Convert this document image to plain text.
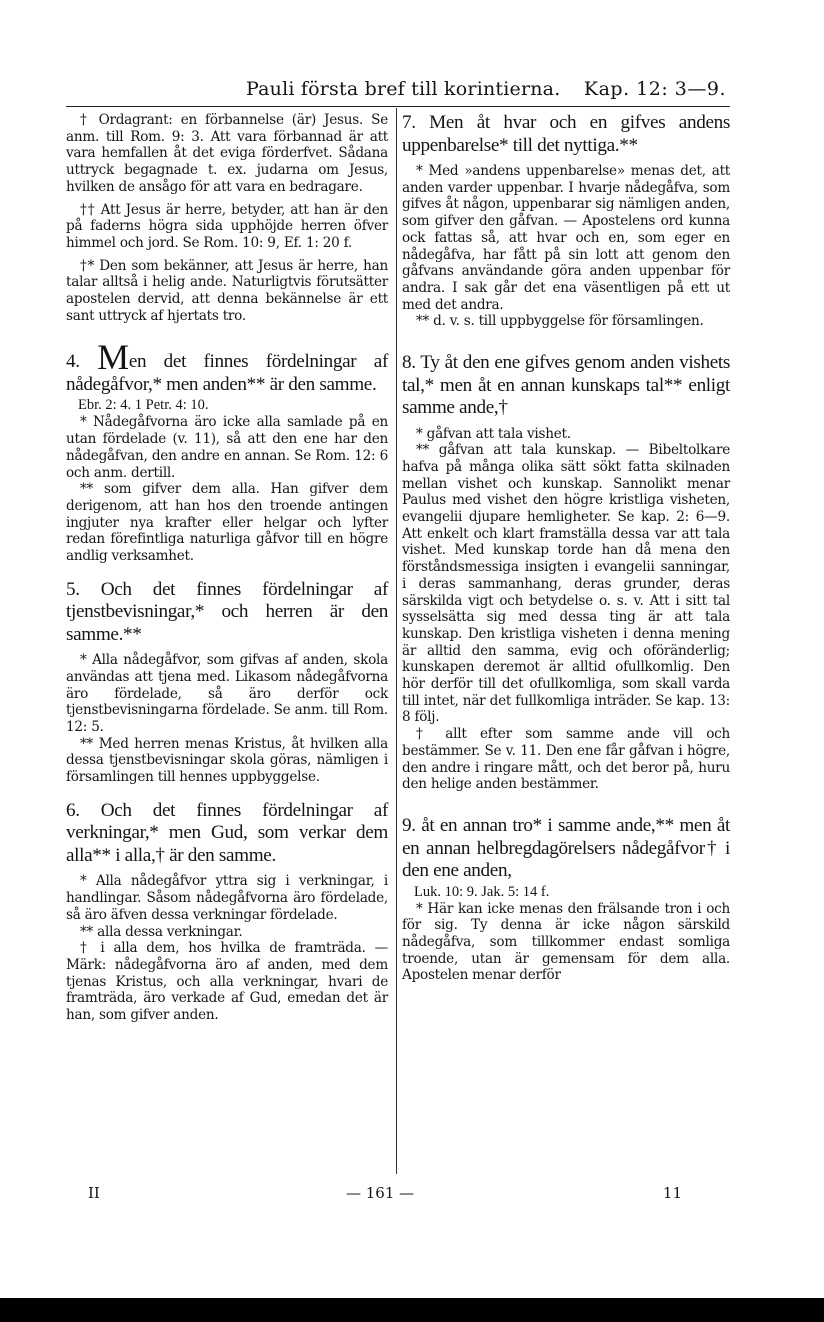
Pauli första bref till korintierna. Kap. 12: 3—9.

† Ordagrant: en förbannelse (är) Jesus. Se anm. till Rom. 9: 3. Att vara förbannad är att vara hemfallen åt det eviga förderfvet. Sådana uttryck begagnade t. ex. judarna om Jesus, hvilken de ansågo för att vara en bedragare.

†† Att Jesus är herre, betyder, att han är den på faderns högra sida upphöjde herren öfver himmel och jord. Se Rom. 10: 9, Ef. 1: 20 f.

†* Den som bekänner, att Jesus är herre, han talar alltså i helig ande. Naturligtvis förutsätter apostelen dervid, att denna bekännelse är ett sant uttryck af hjertats tro.

4. Men det finnes fördelningar af nådegåfvor,* men anden** är den samme.

Ebr. 2: 4. 1 Petr. 4: 10.

* Nådegåfvorna äro icke alla samlade på en utan fördelade (v. 11), så att den ene har den nådegåfvan, den andre en annan. Se Rom. 12: 6 och anm. dertill.

** som gifver dem alla. Han gifver dem derigenom, att han hos den troende antingen ingjuter nya krafter eller helgar och lyfter redan förefintliga naturliga gåfvor till en högre andlig verksamhet.

5. Och det finnes fördelningar af tjenstbevisningar,* och herren är den samme.**

* Alla nådegåfvor, som gifvas af anden, skola användas att tjena med. Likasom nådegåfvorna äro fördelade, så äro derför ock tjenstbevisningarna fördelade. Se anm. till Rom. 12: 5.

** Med herren menas Kristus, åt hvilken alla dessa tjenstbevisningar skola göras, nämligen i församlingen till hennes uppbyggelse.

6. Och det finnes fördelningar af verkningar,* men Gud, som verkar dem alla** i alla,† är den samme.

* Alla nådegåfvor yttra sig i verkningar, i handlingar. Såsom nådegåfvorna äro fördelade, så äro äfven dessa verkningar fördelade.

** alla dessa verkningar.

† i alla dem, hos hvilka de framträda. — Märk: nådegåfvorna äro af anden, med dem tjenas Kristus, och alla verkningar, hvari de framträda, äro verkade af Gud, emedan det är han, som gifver anden.

7. Men åt hvar och en gifves andens uppenbarelse* till det nyttiga.**

* Med »andens uppenbarelse» menas det, att anden varder uppenbar. I hvarje nådegåfva, som gifves åt någon, uppenbarar sig nämligen anden, som gifver den gåfvan. — Apostelens ord kunna ock fattas så, att hvar och en, som eger en nådegåfva, har fått på sin lott att genom den gåfvans användande göra anden uppenbar för andra. I sak går det ena väsentligen på ett ut med det andra.

** d. v. s. till uppbyggelse för församlingen.

8. Ty åt den ene gifves genom anden vishets tal,* men åt en annan kunskaps tal** enligt samme ande,†

* gåfvan att tala vishet.

** gåfvan att tala kunskap. — Bibeltolkare hafva på många olika sätt sökt fatta skilnaden mellan vishet och kunskap. Sannolikt menar Paulus med vishet den högre kristliga visheten, evangelii djupare hemligheter. Se kap. 2: 6—9. Att enkelt och klart framställa dessa var att tala vishet. Med kunskap torde han då mena den förståndsmessiga insigten i evangelii sanningar, i deras sammanhang, deras grunder, deras särskilda vigt och betydelse o. s. v. Att i sitt tal sysselsätta sig med dessa ting är att tala kunskap. Den kristliga visheten i denna mening är alltid den samma, evig och oföränderlig; kunskapen deremot är alltid ofullkomlig. Den hör derför till det ofullkomliga, som skall varda till intet, när det fullkomliga inträder. Se kap. 13: 8 följ.

† allt efter som samme ande vill och bestämmer. Se v. 11. Den ene får gåfvan i högre, den andre i ringare mått, och det beror på, huru den helige anden bestämmer.

9. åt en annan tro* i samme ande,** men åt en annan helbregdagörelsers nådegåfvor† i den ene anden,

Luk. 10: 9. Jak. 5: 14 f.

* Här kan icke menas den frälsande tron i och för sig. Ty denna är icke någon särskild nådegåfva, som tillkommer endast somliga troende, utan är gemensam för dem alla. Apostelen menar derför

II	— 161 —	11
